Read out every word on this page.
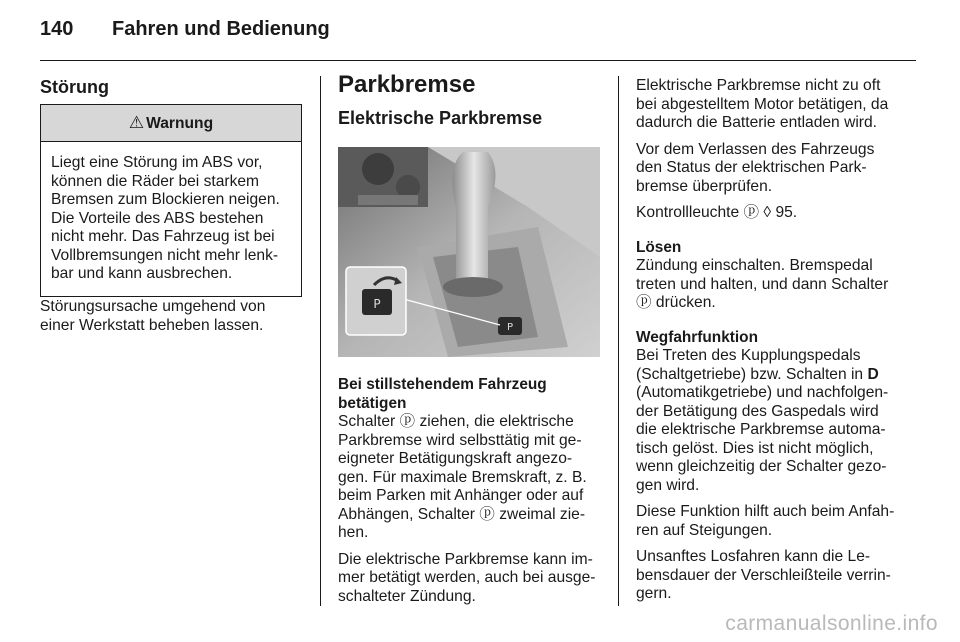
140 Fahren und Bedienung
Störung
⚠ Warnung
Liegt eine Störung im ABS vor,
können die Räder bei starkem
Bremsen zum Blockieren neigen.
Die Vorteile des ABS bestehen
nicht mehr. Das Fahrzeug ist bei
Vollbremsungen nicht mehr lenk-
bar und kann ausbrechen.

Störungsursache umgehend von
einer Werkstatt beheben lassen.

Parkbremse
Elektrische Parkbremse
P
P
Bei stillstehendem Fahrzeug
betätigen

Schalter ⓟ ziehen, die elektrische
Parkbremse wird selbsttätig mit ge-
eigneter Betätigungskraft angezo-
gen. Für maximale Bremskraft, z. B.
beim Parken mit Anhänger oder auf
Abhängen, Schalter ⓟ zweimal zie-
hen.

Die elektrische Parkbremse kann im-
mer betätigt werden, auch bei ausge-
schalteter Zündung.

Elektrische Parkbremse nicht zu oft
bei abgestelltem Motor betätigen, da
dadurch die Batterie entladen wird.

Vor dem Verlassen des Fahrzeugs
den Status der elektrischen Park-
bremse überprüfen.

Kontrollleuchte ⓟ ◊ 95.

Lösen

Zündung einschalten. Bremspedal
treten und halten, und dann Schalter
ⓟ drücken.

Wegfahrfunktion

Bei Treten des Kupplungspedals
(Schaltgetriebe) bzw. Schalten in D
(Automatikgetriebe) und nachfolgen-
der Betätigung des Gaspedals wird
die elektrische Parkbremse automa-
tisch gelöst. Dies ist nicht möglich,
wenn gleichzeitig der Schalter gezo-
gen wird.

Diese Funktion hilft auch beim Anfah-
ren auf Steigungen.

Unsanftes Losfahren kann die Le-
bensdauer der Verschleißteile verrin-
gern.

carmanualsonline.info
